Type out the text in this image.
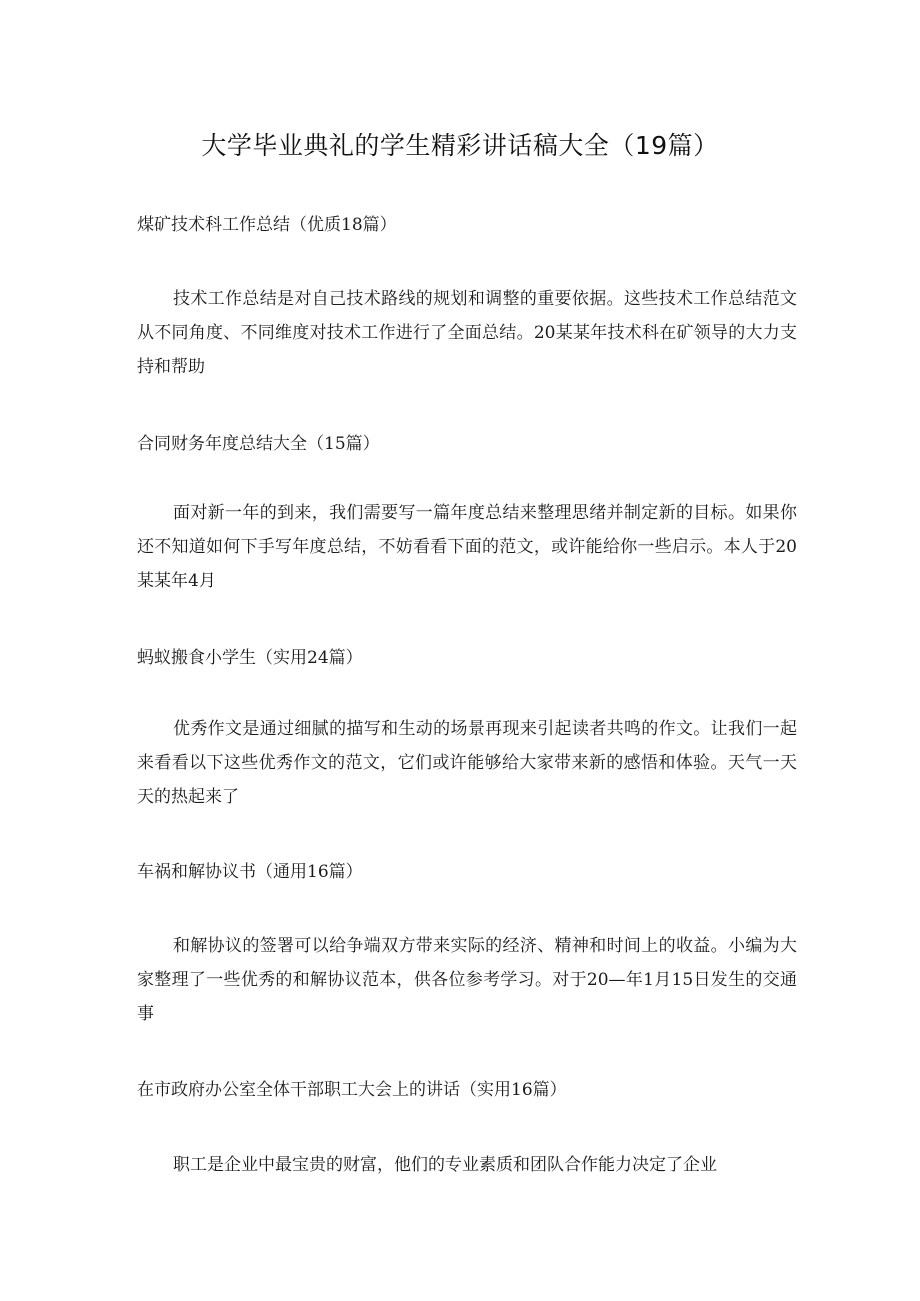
大学毕业典礼的学生精彩讲话稿大全（19篇）
煤矿技术科工作总结（优质18篇）

技术工作总结是对自己技术路线的规划和调整的重要依据。这些技术工作总结范文从不同角度、不同维度对技术工作进行了全面总结。20某某年技术科在矿领导的大力支持和帮助

合同财务年度总结大全（15篇）

面对新一年的到来，我们需要写一篇年度总结来整理思绪并制定新的目标。如果你还不知道如何下手写年度总结，不妨看看下面的范文，或许能给你一些启示。本人于20某某年4月

蚂蚁搬食小学生（实用24篇）

优秀作文是通过细腻的描写和生动的场景再现来引起读者共鸣的作文。让我们一起来看看以下这些优秀作文的范文，它们或许能够给大家带来新的感悟和体验。天气一天天的热起来了

车祸和解协议书（通用16篇）

和解协议的签署可以给争端双方带来实际的经济、精神和时间上的收益。小编为大家整理了一些优秀的和解协议范本，供各位参考学习。对于20—年1月15日发生的交通事

在市政府办公室全体干部职工大会上的讲话（实用16篇）

职工是企业中最宝贵的财富，他们的专业素质和团队合作能力决定了企业
